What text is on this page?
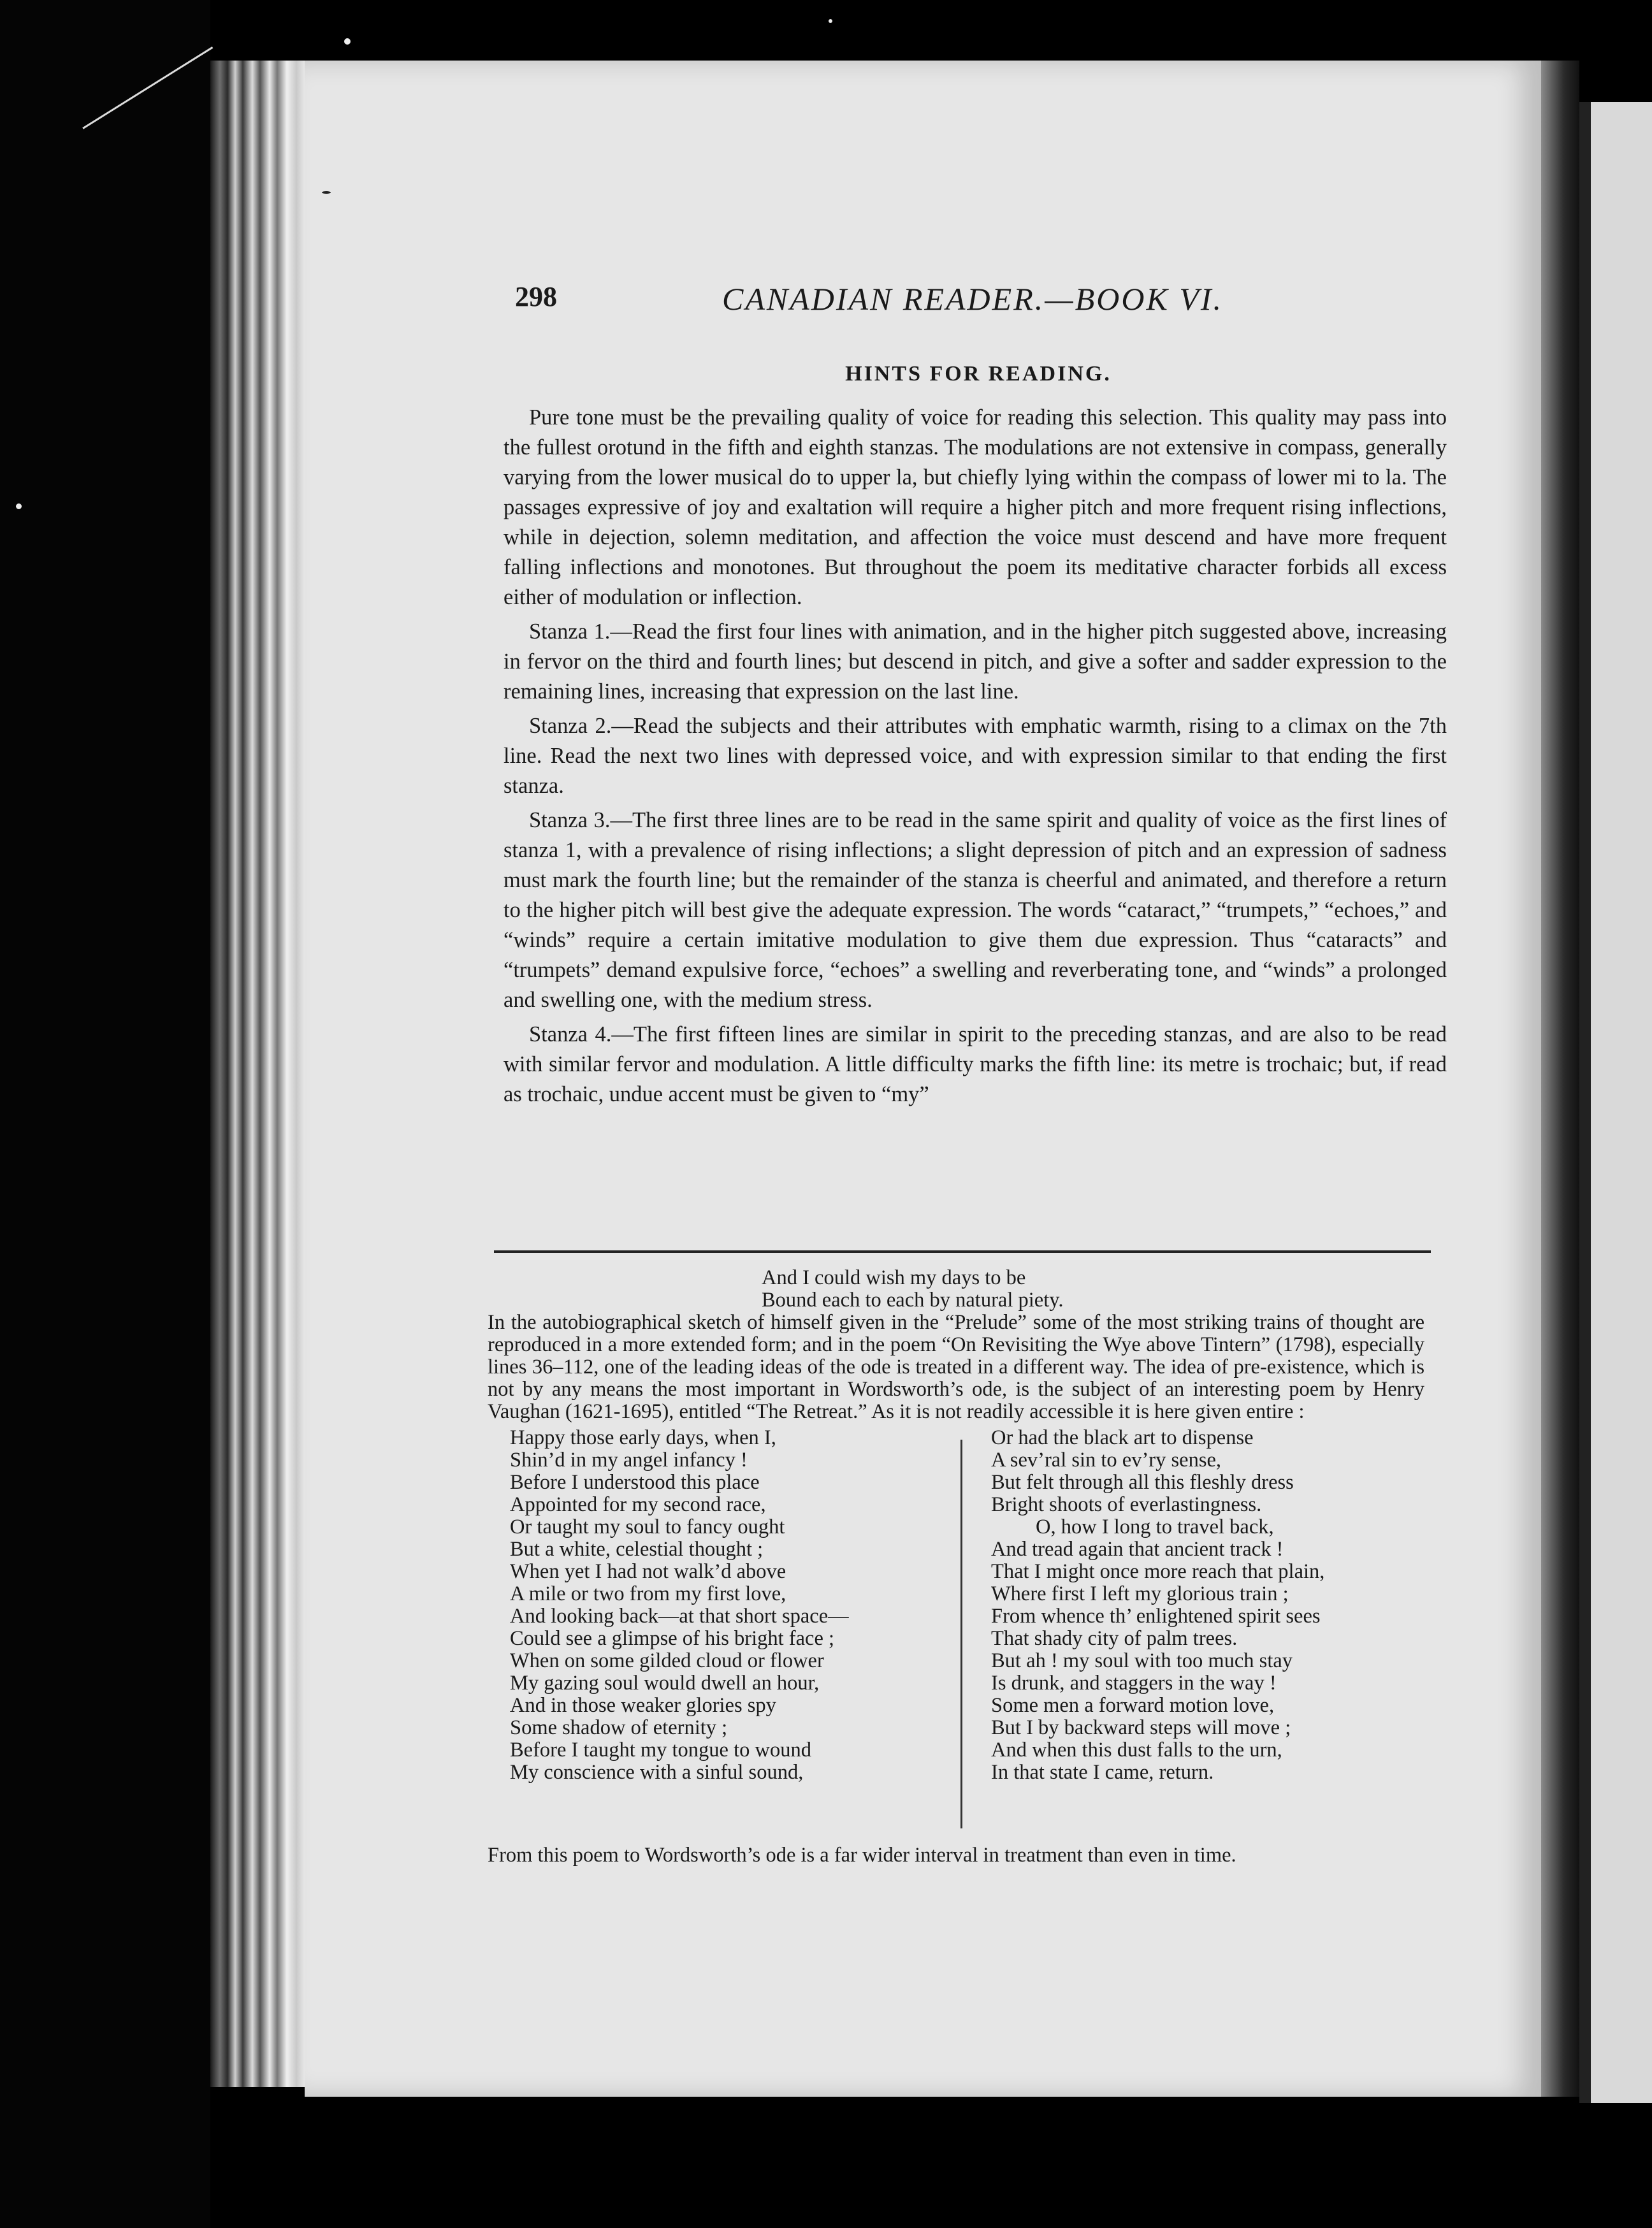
298	CANADIAN READER.—BOOK VI.
HINTS FOR READING.

Pure tone must be the prevailing quality of voice for reading this selection. This quality may pass into the fullest orotund in the fifth and eighth stanzas. The modulations are not extensive in compass, generally varying from the lower musical do to upper la, but chiefly lying within the compass of lower mi to la. The passages expressive of joy and exaltation will require a higher pitch and more frequent rising inflections, while in dejection, solemn meditation, and affection the voice must descend and have more frequent falling inflections and monotones. But throughout the poem its meditative character forbids all excess either of modulation or inflection.

Stanza 1.—Read the first four lines with animation, and in the higher pitch suggested above, increasing in fervor on the third and fourth lines; but descend in pitch, and give a softer and sadder expression to the remaining lines, increasing that expression on the last line.

Stanza 2.—Read the subjects and their attributes with emphatic warmth, rising to a climax on the 7th line. Read the next two lines with depressed voice, and with expression similar to that ending the first stanza.

Stanza 3.—The first three lines are to be read in the same spirit and quality of voice as the first lines of stanza 1, with a prevalence of rising inflections; a slight depression of pitch and an expression of sadness must mark the fourth line; but the remainder of the stanza is cheerful and animated, and therefore a return to the higher pitch will best give the adequate expression. The words “cataract,” “trumpets,” “echoes,” and “winds” require a certain imitative modulation to give them due expression. Thus “cataracts” and “trumpets” demand expulsive force, “echoes” a swelling and reverberating tone, and “winds” a prolonged and swelling one, with the medium stress.

Stanza 4.—The first fifteen lines are similar in spirit to the preceding stanzas, and are also to be read with similar fervor and modulation. A little difficulty marks the fifth line: its metre is trochaic; but, if read as trochaic, undue accent must be given to “my”

And I could wish my days to be
Bound each to each by natural piety.

In the autobiographical sketch of himself given in the “Prelude” some of the most striking trains of thought are reproduced in a more extended form; and in the poem “On Revisiting the Wye above Tintern” (1798), especially lines 36–112, one of the leading ideas of the ode is treated in a different way. The idea of pre-existence, which is not by any means the most important in Wordsworth’s ode, is the subject of an interesting poem by Henry Vaughan (1621-1695), entitled “The Retreat.” As it is not readily accessible it is here given entire :

Happy those early days, when I,
Shin’d in my angel infancy !
Before I understood this place
Appointed for my second race,
Or taught my soul to fancy ought
But a white, celestial thought ;
When yet I had not walk’d above
A mile or two from my first love,
And looking back—at that short space—
Could see a glimpse of his bright face ;
When on some gilded cloud or flower
My gazing soul would dwell an hour,
And in those weaker glories spy
Some shadow of eternity ;
Before I taught my tongue to wound
My conscience with a sinful sound,
Or had the black art to dispense
A sev’ral sin to ev’ry sense,
But felt through all this fleshly dress
Bright shoots of everlastingness.
O, how I long to travel back,
And tread again that ancient track !
That I might once more reach that plain,
Where first I left my glorious train ;
From whence th’ enlightened spirit sees
That shady city of palm trees.
But ah ! my soul with too much stay
Is drunk, and staggers in the way !
Some men a forward motion love,
But I by backward steps will move ;
And when this dust falls to the urn,
In that state I came, return.

From this poem to Wordsworth’s ode is a far wider interval in treatment than even in time.
